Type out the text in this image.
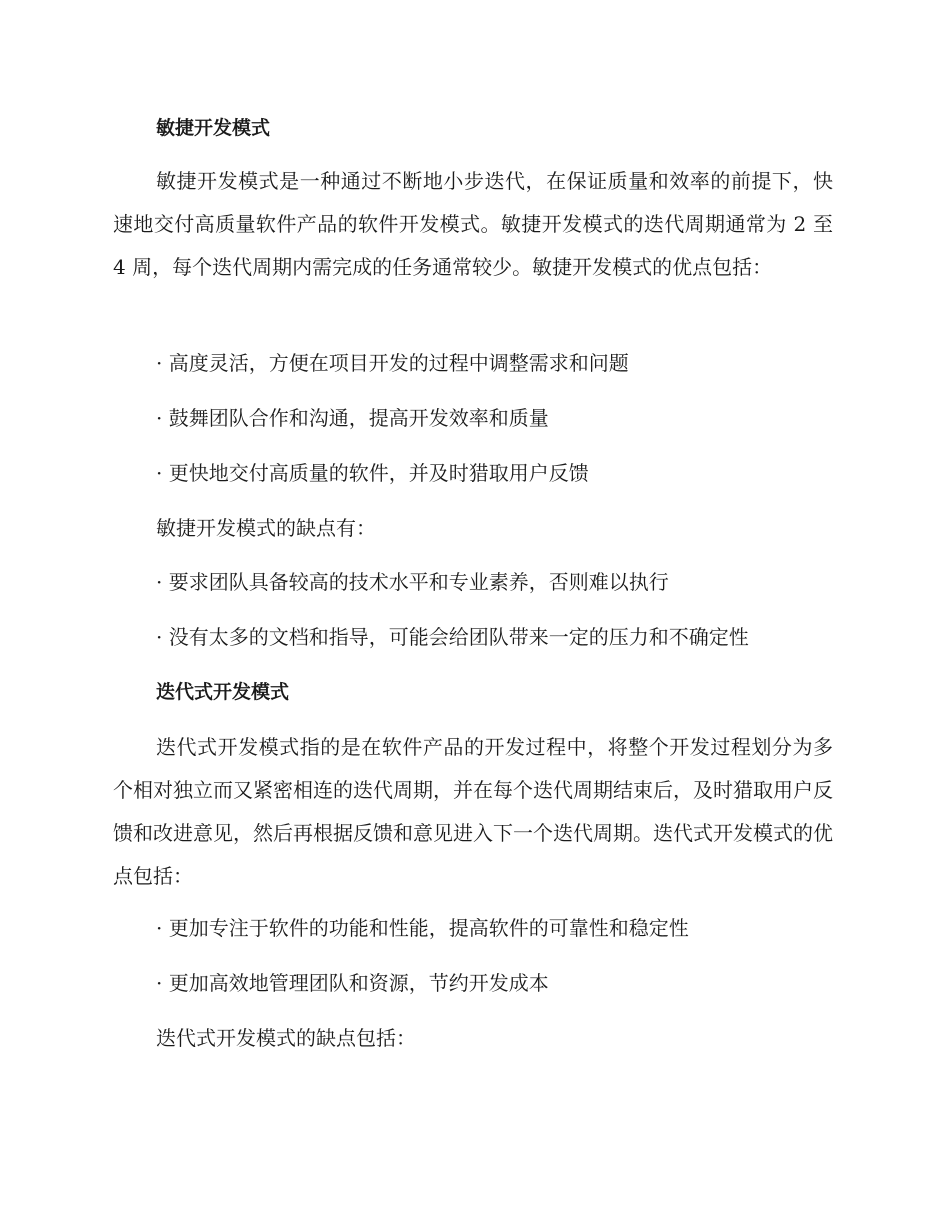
敏捷开发模式

敏捷开发模式是一种通过不断地小步迭代，在保证质量和效率的前提下，快速地交付高质量软件产品的软件开发模式。敏捷开发模式的迭代周期通常为 2 至 4 周，每个迭代周期内需完成的任务通常较少。敏捷开发模式的优点包括：

· 高度灵活，方便在项目开发的过程中调整需求和问题

· 鼓舞团队合作和沟通，提高开发效率和质量

· 更快地交付高质量的软件，并及时猎取用户反馈

敏捷开发模式的缺点有：

· 要求团队具备较高的技术水平和专业素养，否则难以执行

· 没有太多的文档和指导，可能会给团队带来一定的压力和不确定性

迭代式开发模式

迭代式开发模式指的是在软件产品的开发过程中，将整个开发过程划分为多个相对独立而又紧密相连的迭代周期，并在每个迭代周期结束后，及时猎取用户反馈和改进意见，然后再根据反馈和意见进入下一个迭代周期。迭代式开发模式的优点包括：

· 更加专注于软件的功能和性能，提高软件的可靠性和稳定性

· 更加高效地管理团队和资源，节约开发成本

迭代式开发模式的缺点包括：
